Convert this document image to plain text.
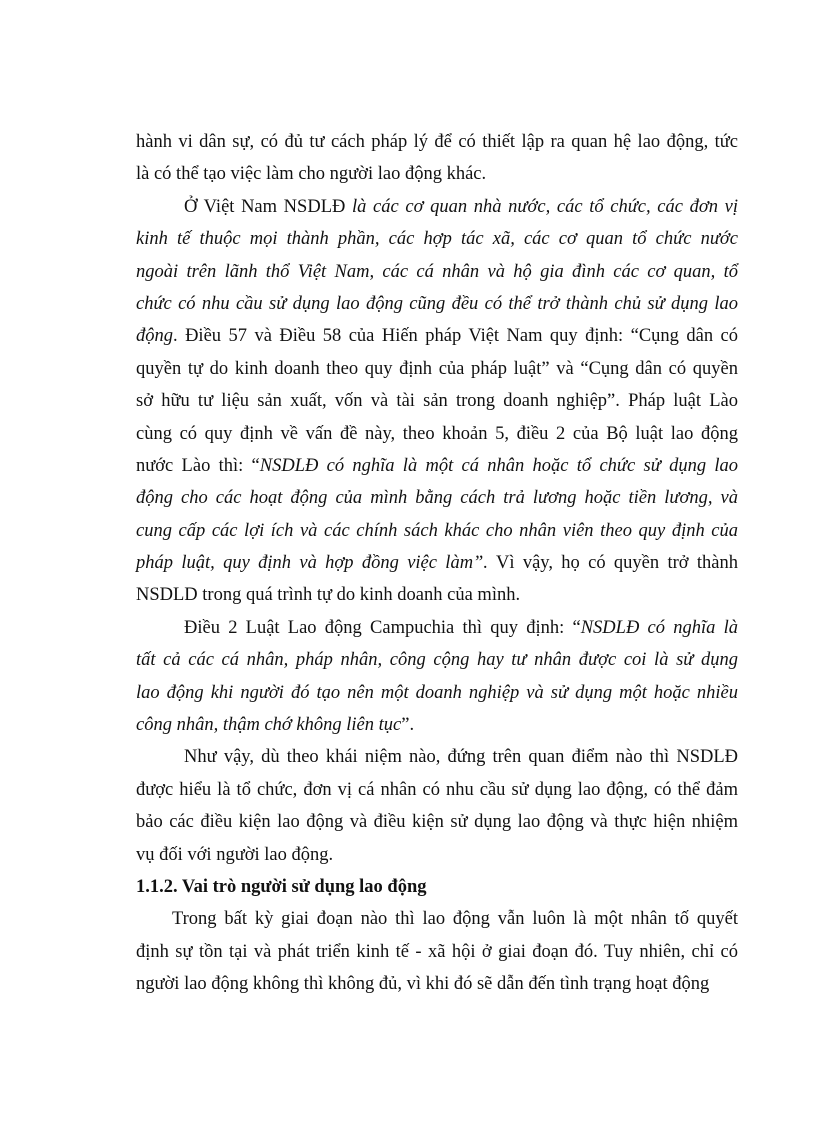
hành vi dân sự, có đủ tư cách pháp lý để có thiết lập ra quan hệ lao động, tức
là có thể tạo việc làm cho người lao động khác.
Ở Việt Nam NSDLĐ là các cơ quan nhà nước, các tổ chức, các đơn vị
kinh tế thuộc mọi thành phần, các hợp tác xã, các cơ quan tổ chức nước
ngoài trên lãnh thổ Việt Nam, các cá nhân và hộ gia đình các cơ quan, tổ
chức có nhu cầu sử dụng lao động cũng đều có thể trở thành chủ sử dụng lao
động. Điều 57 và Điều 58 của Hiến pháp Việt Nam quy định: “Cụng dân có
quyền tự do kinh doanh theo quy định của pháp luật” và “Cụng dân có quyền
sở hữu tư liệu sản xuất, vốn và tài sản trong doanh nghiệp”. Pháp luật Lào
cùng có quy định về vấn đề này, theo khoản 5, điều 2 của Bộ luật lao động
nước Lào thì: “NSDLĐ có nghĩa là một cá nhân hoặc tổ chức sử dụng lao
động cho các hoạt động của mình bằng cách trả lương hoặc tiền lương, và
cung cấp các lợi ích và các chính sách khác cho nhân viên theo quy định của
pháp luật, quy định và hợp đồng việc làm”. Vì vậy, họ có quyền trở thành
NSDLD trong quá trình tự do kinh doanh của mình.
Điều 2 Luật Lao động Campuchia thì quy định: “NSDLĐ có nghĩa là
tất cả các cá nhân, pháp nhân, công cộng hay tư nhân được coi là sử dụng
lao động khi người đó tạo nên một doanh nghiệp và sử dụng một hoặc nhiều
công nhân, thậm chớ không liên tục”.
Như vậy, dù theo khái niệm nào, đứng trên quan điểm nào thì NSDLĐ
được hiểu là tổ chức, đơn vị cá nhân có nhu cầu sử dụng lao động, có thể đảm
bảo các điều kiện lao động và điều kiện sử dụng lao động và thực hiện nhiệm
vụ đối với người lao động.
1.1.2. Vai trò người sử dụng lao động
Trong bất kỳ giai đoạn nào thì lao động vẫn luôn là một nhân tố quyết
định sự tồn tại và phát triển kinh tế - xã hội ở giai đoạn đó. Tuy nhiên, chỉ có
người lao động không thì không đủ, vì khi đó sẽ dẫn đến tình trạng hoạt động
